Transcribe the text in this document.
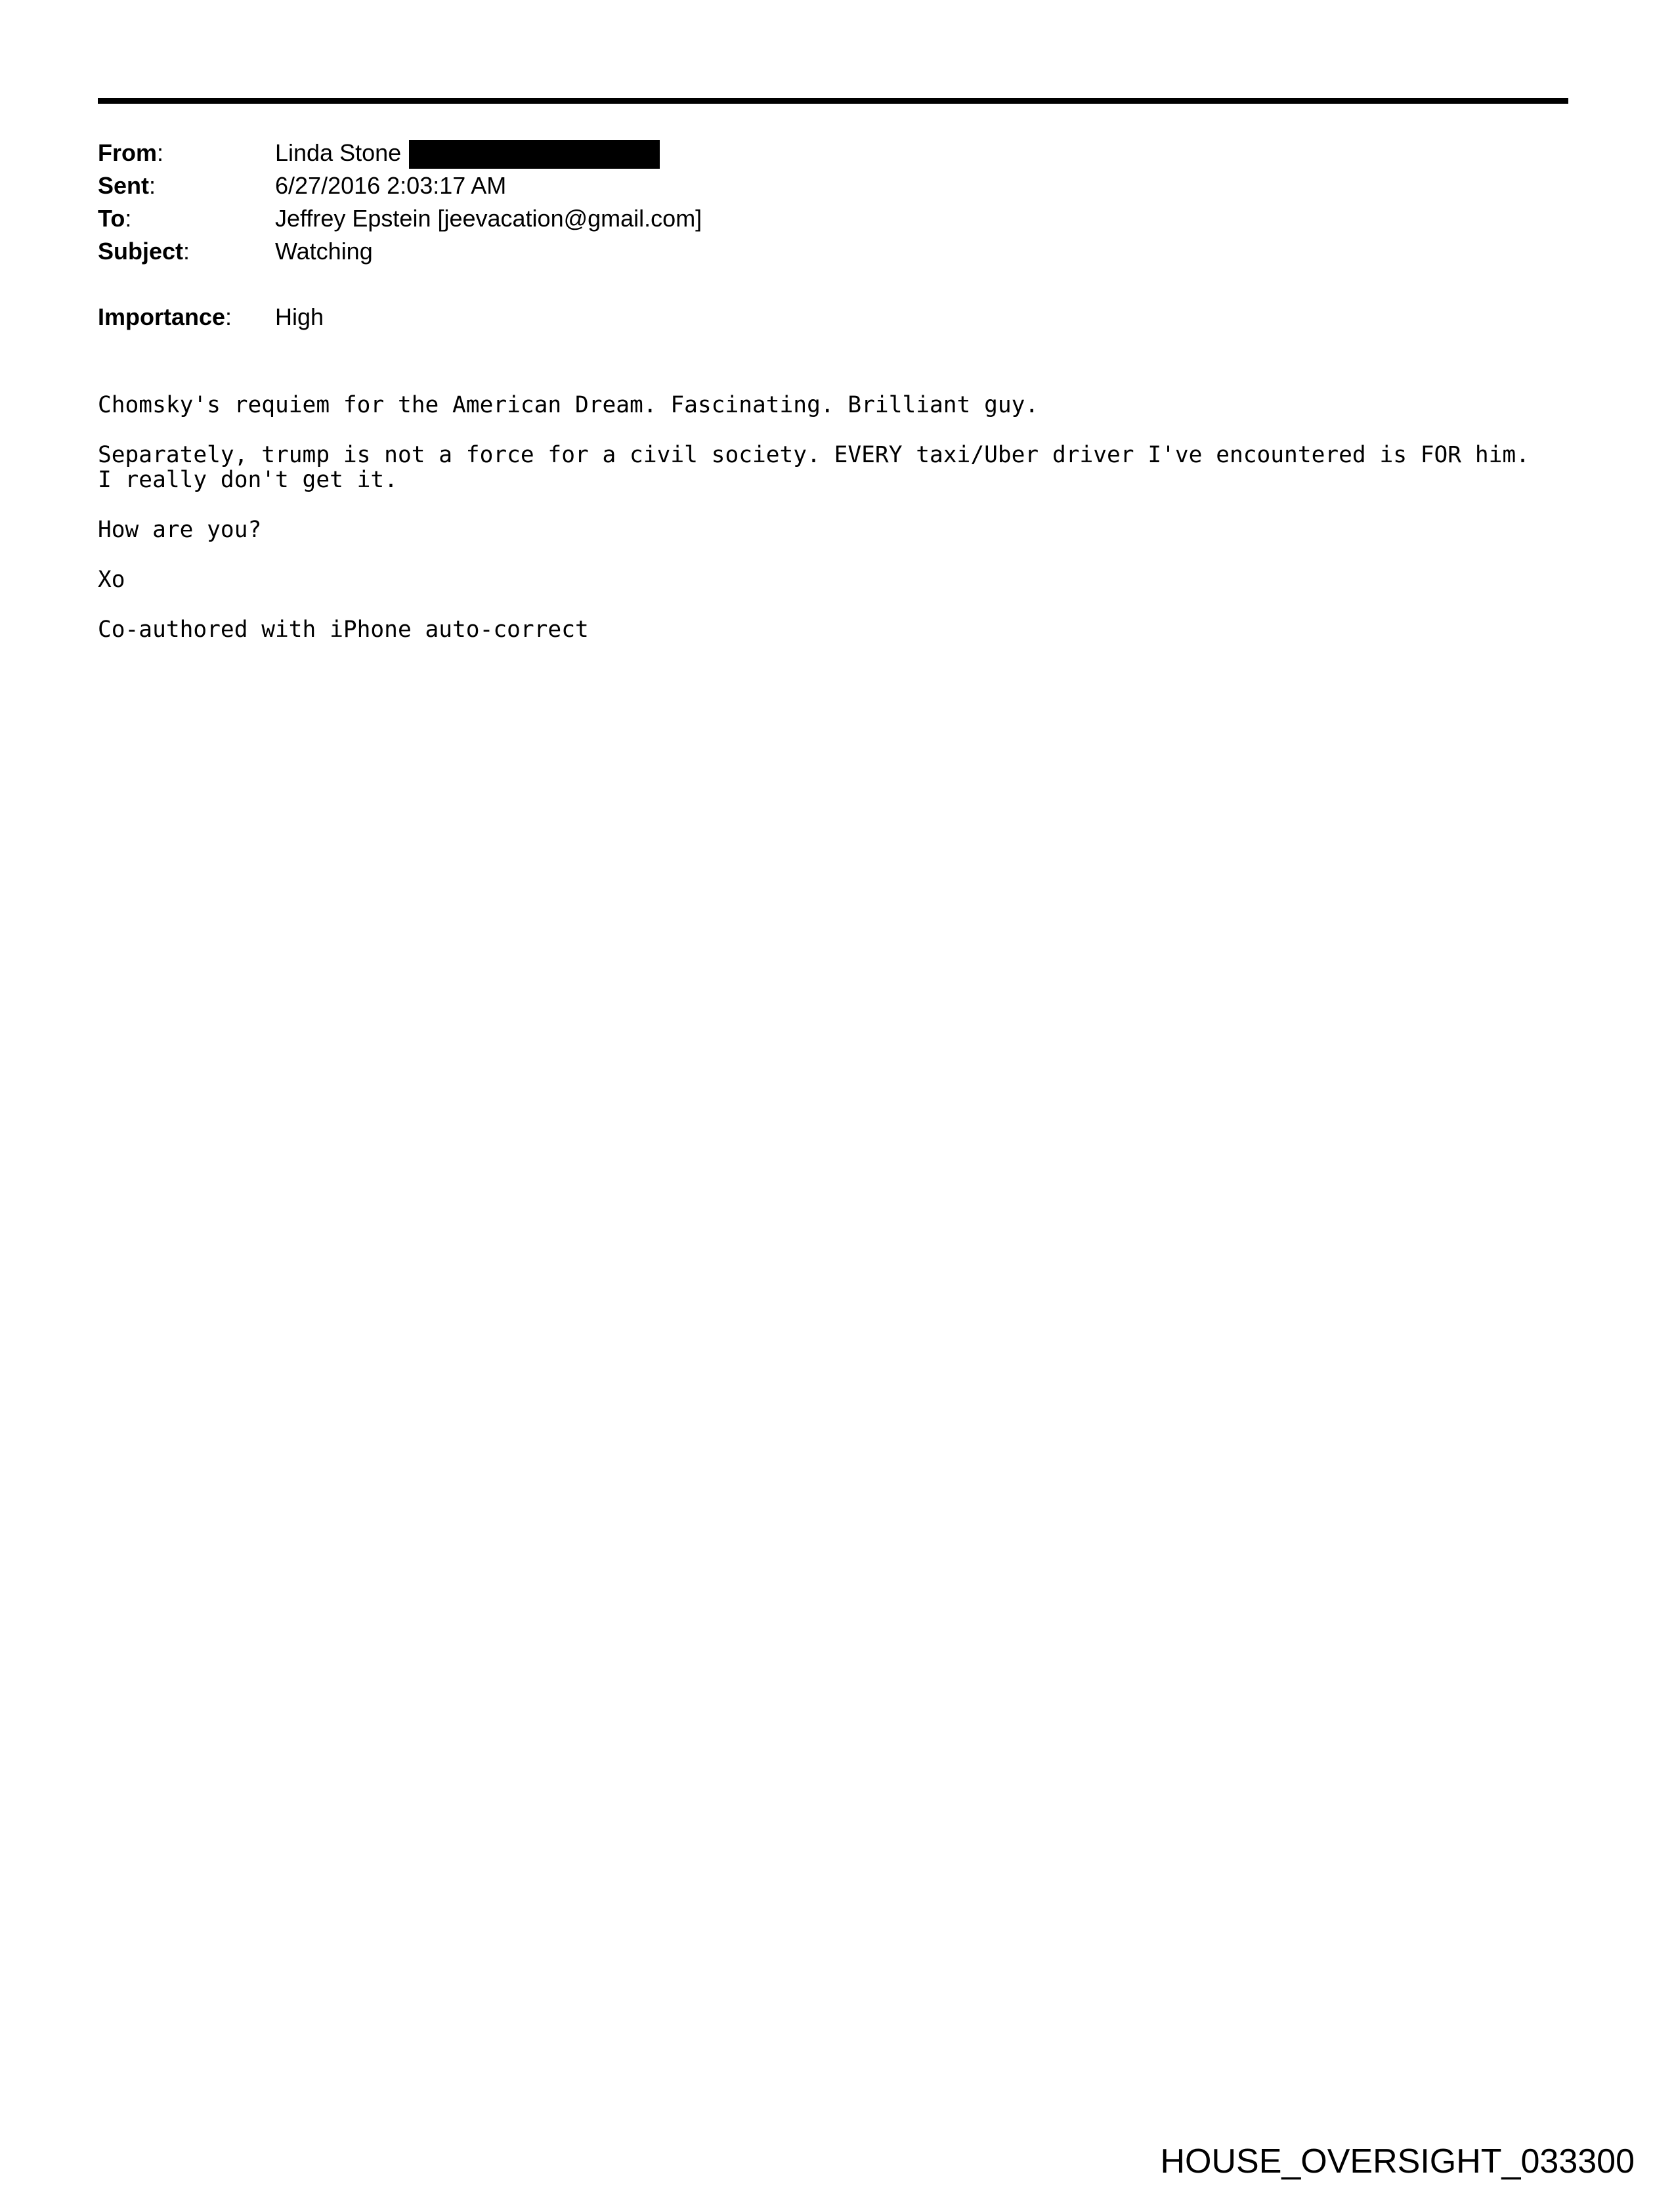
From:	Linda Stone
Sent:	6/27/2016 2:03:17 AM
To:	Jeffrey Epstein [jeevacation@gmail.com]
Subject:	Watching
Importance:	High
Chomsky's requiem for the American Dream. Fascinating. Brilliant guy.
Separately, trump is not a force for a civil society. EVERY taxi/Uber driver I've encountered is FOR him.
I really don't get it.
How are you?
Xo
Co-authored with iPhone auto-correct
HOUSE_OVERSIGHT_033300
